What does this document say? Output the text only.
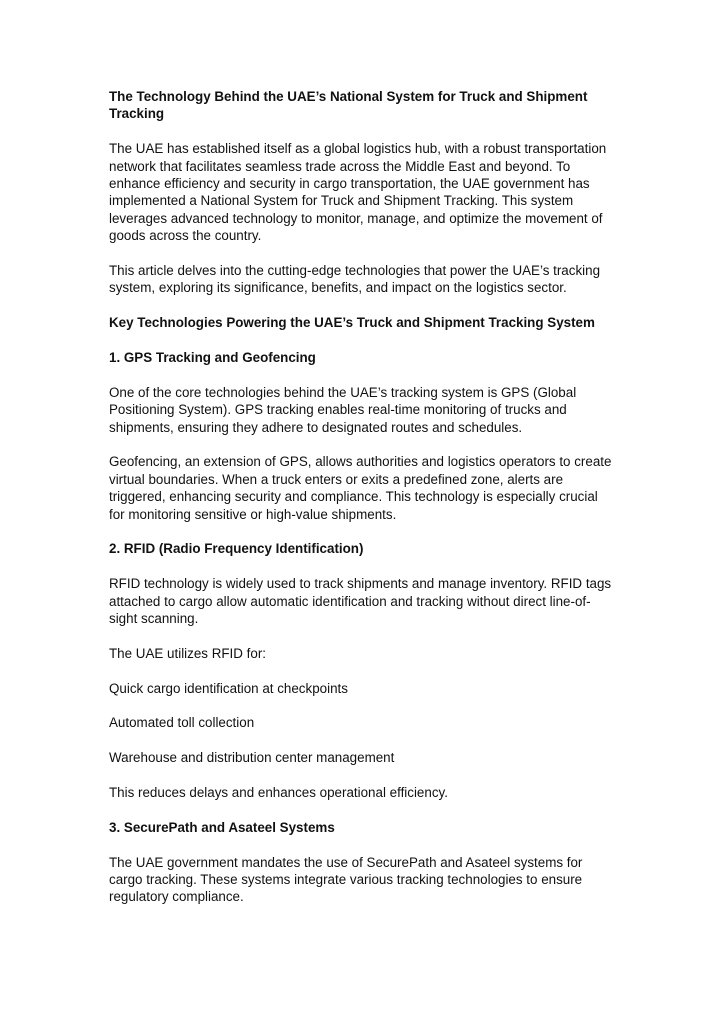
The Technology Behind the UAE’s National System for Truck and Shipment Tracking

The UAE has established itself as a global logistics hub, with a robust transportation network that facilitates seamless trade across the Middle East and beyond. To enhance efficiency and security in cargo transportation, the UAE government has implemented a National System for Truck and Shipment Tracking. This system leverages advanced technology to monitor, manage, and optimize the movement of goods across the country.

This article delves into the cutting-edge technologies that power the UAE’s tracking system, exploring its significance, benefits, and impact on the logistics sector.

Key Technologies Powering the UAE’s Truck and Shipment Tracking System
1. GPS Tracking and Geofencing

One of the core technologies behind the UAE’s tracking system is GPS (Global Positioning System). GPS tracking enables real-time monitoring of trucks and shipments, ensuring they adhere to designated routes and schedules.

Geofencing, an extension of GPS, allows authorities and logistics operators to create virtual boundaries. When a truck enters or exits a predefined zone, alerts are triggered, enhancing security and compliance. This technology is especially crucial for monitoring sensitive or high-value shipments.

2. RFID (Radio Frequency Identification)

RFID technology is widely used to track shipments and manage inventory. RFID tags attached to cargo allow automatic identification and tracking without direct line-of-sight scanning.

The UAE utilizes RFID for:

Quick cargo identification at checkpoints
Automated toll collection
Warehouse and distribution center management

This reduces delays and enhances operational efficiency.

3. SecurePath and Asateel Systems

The UAE government mandates the use of SecurePath and Asateel systems for cargo tracking. These systems integrate various tracking technologies to ensure regulatory compliance.
